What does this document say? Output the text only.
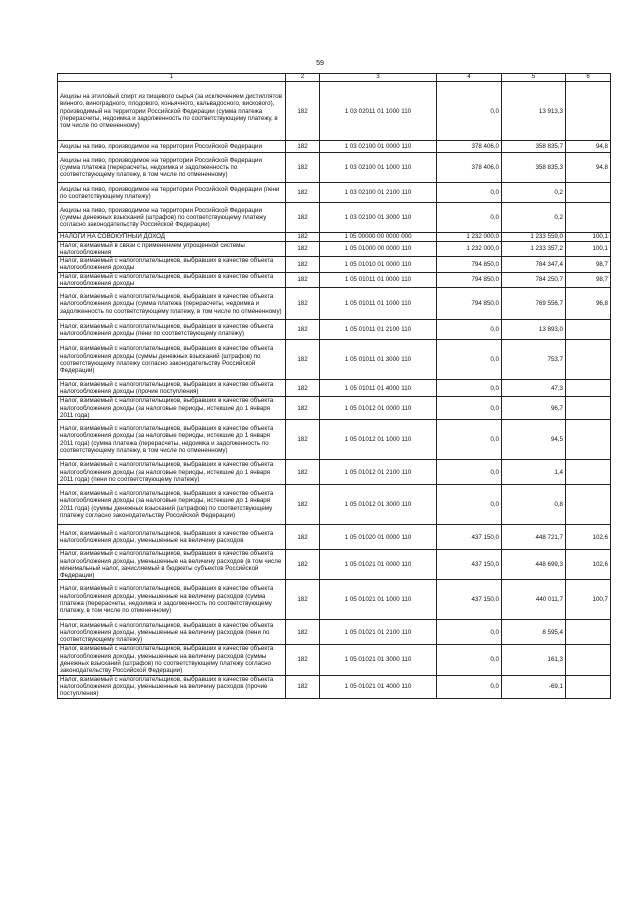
59
1	2	3	4	5	6
Акцизы на этиловый спирт из пищевого сырья (за исключением дистиллятов винного, виноградного, плодового, коньячного, кальвадосного, вискового), производимый на территории Российской Федерации (сумма платежа (перерасчеты, недоимка и задолженность по соответствующему платежу, в том числе по отмененному)	182	1 03 02011 01 1000 110	0,0	13 913,3	
Акцизы на пиво, производимое на территории Российской Федерации	182	1 03 02100 01 0000 110	378 406,0	358 835,7	94,8
Акцизы на пиво, производимое на территории Российской Федерации (сумма платежа (перерасчеты, недоимка и задолженность по соответствующему платежу, в том числе по отмененному)	182	1 03 02100 01 1000 110	378 406,0	358 835,3	94,8
Акцизы на пиво, производимое на территории Российской Федерации (пени по соответствующему платежу)	182	1 03 02100 01 2100 110	0,0	0,2	
Акцизы на пиво, производимое на территории Российской Федерации (суммы денежных взысканий (штрафов) по соответствующему платежу согласно законодательству Российской Федерации)	182	1 03 02100 01 3000 110	0,0	0,2	
НАЛОГИ НА СОВОКУПНЫЙ ДОХОД	182	1 05 00000 00 0000 000	1 232 000,0	1 233 559,0	100,1
Налог, взимаемый в связи с применением упрощенной системы налогообложения	182	1 05 01000 00 0000 110	1 232 000,0	1 233 357,2	100,1
Налог, взимаемый с налогоплательщиков, выбравших в качестве объекта налогообложения доходы	182	1 05 01010 01 0000 110	794 850,0	784 347,4	98,7
Налог, взимаемый с налогоплательщиков, выбравших в качестве объекта налогообложения доходы	182	1 05 01011 01 0000 110	794 850,0	784 250,7	98,7
Налог, взимаемый с налогоплательщиков, выбравших в качестве объекта налогообложения доходы (сумма платежа (перерасчеты, недоимка и задолженность по соответствующему платежу, в том числе по отмененному)	182	1 05 01011 01 1000 110	794 850,0	769 556,7	96,8
Налог, взимаемый с налогоплательщиков, выбравших в качестве объекта налогообложения доходы (пени по соответствующему платежу)	182	1 05 01011 01 2100 110	0,0	13 893,0	
Налог, взимаемый с налогоплательщиков, выбравших в качестве объекта налогообложения доходы (суммы денежных взысканий (штрафов) по соответствующему платежу согласно законодательству Российской Федерации)	182	1 05 01011 01 3000 110	0,0	753,7	
Налог, взимаемый с налогоплательщиков, выбравших в качестве объекта налогообложения доходы (прочие поступления)	182	1 05 01011 01 4000 110	0,0	47,3	
Налог, взимаемый с налогоплательщиков, выбравших в качестве объекта налогообложения доходы (за налоговые периоды, истекшие до 1 января 2011 года)	182	1 05 01012 01 0000 110	0,0	96,7	
Налог, взимаемый с налогоплательщиков, выбравших в качестве объекта налогообложения доходы (за налоговые периоды, истекшие до 1 января 2011 года) (сумма платежа (перерасчеты, недоимка и задолженность по соответствующему платежу, в том числе по отмененному)	182	1 05 01012 01 1000 110	0,0	94,5	
Налог, взимаемый с налогоплательщиков, выбравших в качестве объекта налогообложения доходы (за налоговые периоды, истекшие до 1 января 2011 года) (пени по соответствующему платежу)	182	1 05 01012 01 2100 110	0,0	1,4	
Налог, взимаемый с налогоплательщиков, выбравших в качестве объекта налогообложения доходы (за налоговые периоды, истекшие до 1 января 2011 года) (суммы денежных взысканий (штрафов) по соответствующему платежу согласно законодательству Российской Федерации)	182	1 05 01012 01 3000 110	0,0	0,8	
Налог, взимаемый с налогоплательщиков, выбравших в качестве объекта налогообложения доходы, уменьшенные на величину расходов	182	1 05 01020 01 0000 110	437 150,0	448 721,7	102,6
Налог, взимаемый с налогоплательщиков, выбравших в качестве объекта налогообложения доходы, уменьшенные на величину расходов (в том числе минимальный налог, зачисляемый в бюджеты субъектов Российской Федерации)	182	1 05 01021 01 0000 110	437 150,0	448 699,3	102,6
Налог, взимаемый с налогоплательщиков, выбравших в качестве объекта налогообложения доходы, уменьшенные на величину расходов (сумма платежа (перерасчеты, недоимка и задолженность по соответствующему платежу, в том числе по отмененному)	182	1 05 01021 01 1000 110	437 150,0	440 011,7	100,7
Налог, взимаемый с налогоплательщиков, выбравших в качестве объекта налогообложения доходы, уменьшенные на величину расходов (пени по соответствующему платежу)	182	1 05 01021 01 2100 110	0,0	8 595,4	
Налог, взимаемый с налогоплательщиков, выбравших в качестве объекта налогообложения доходы, уменьшенные на величину расходов (суммы денежных взысканий (штрафов) по соответствующему платежу согласно законодательству Российской Федерации)	182	1 05 01021 01 3000 110	0,0	161,3	
Налог, взимаемый с налогоплательщиков, выбравших в качестве объекта налогообложения доходы, уменьшенные на величину расходов (прочие поступления)	182	1 05 01021 01 4000 110	0,0	-69,1	
